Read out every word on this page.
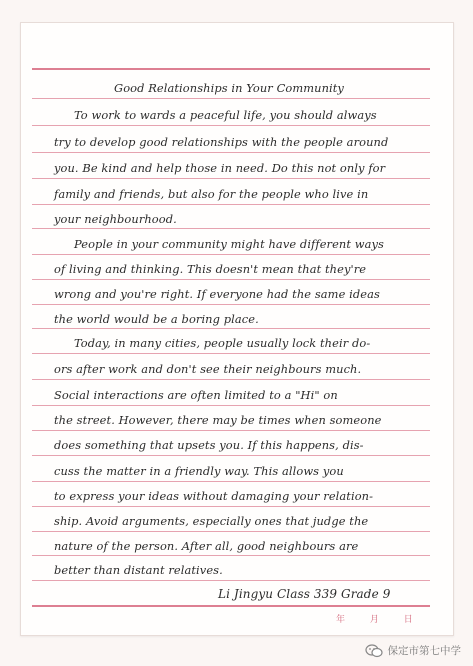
Good Relationships in Your Community
To work to wards a peaceful life, you should always
try to develop good relationships with the people around
you. Be kind and help those in need. Do this not only for
family and friends, but also for the people who live in
your neighbourhood.
People in your community might have different ways
of living and thinking. This doesn't mean that they're
wrong and you're right. If everyone had the same ideas
the world would be a boring place.
Today, in many cities, people usually lock their do-
ors after work and don't see their neighbours much.
Social interactions are often limited to a "Hi" on
the street. However, there may be times when someone
does something that upsets you. If this happens, dis-
cuss the matter in a friendly way. This allows you
to express your ideas without damaging your relation-
ship. Avoid arguments, especially ones that judge the
nature of the person. After all, good neighbours are
better than distant relatives.
Li Jingyu Class 339 Grade 9
年	月	日
保定市第七中学
